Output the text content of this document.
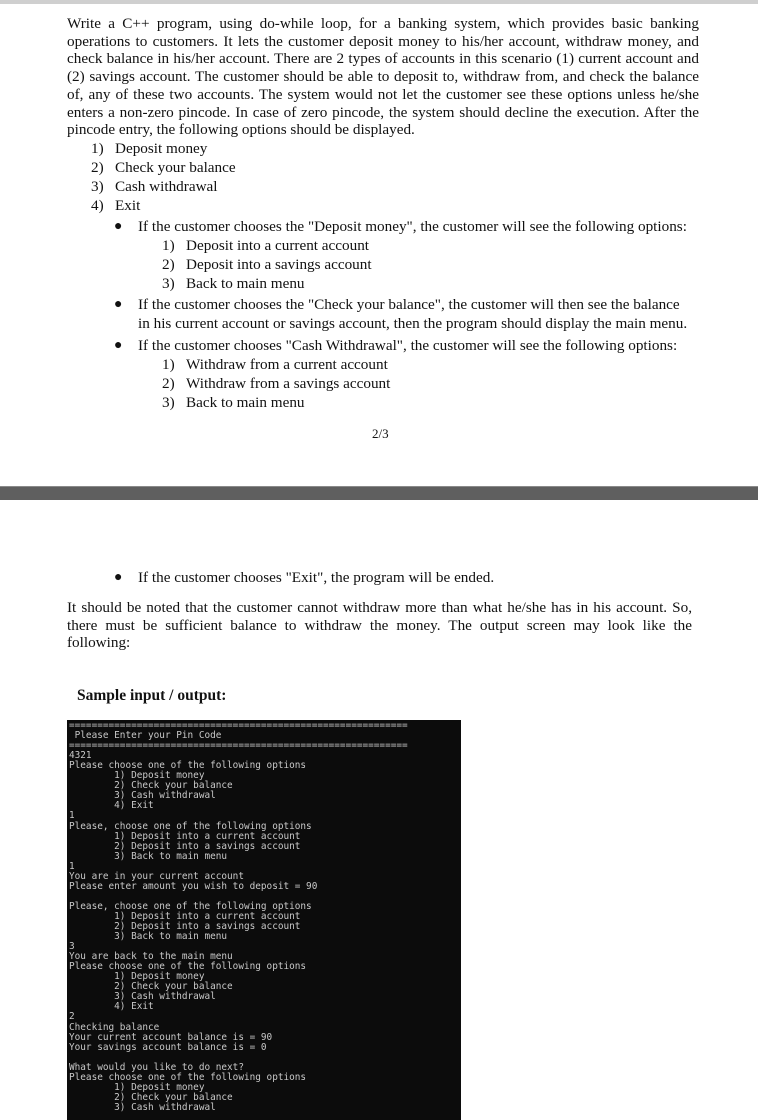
Write a C++ program, using do-while loop, for a banking system, which provides basic banking operations to customers. It lets the customer deposit money to his/her account, withdraw money, and check balance in his/her account. There are 2 types of accounts in this scenario (1) current account and (2) savings account. The customer should be able to deposit to, withdraw from, and check the balance of, any of these two accounts. The system would not let the customer see these options unless he/she enters a non-zero pincode. In case of zero pincode, the system should decline the execution. After the pincode entry, the following options should be displayed.

1) Deposit money
2) Check your balance
3) Cash withdrawal
4) Exit
● If the customer chooses the "Deposit money", the customer will see the following options:
1) Deposit into a current account
2) Deposit into a savings account
3) Back to main menu
● If the customer chooses the "Check your balance", the customer will then see the balance
in his current account or savings account, then the program should display the main menu.
● If the customer chooses "Cash Withdrawal", the customer will see the following options:
1) Withdraw from a current account
2) Withdraw from a savings account
3) Back to main menu
2/3
● If the customer chooses "Exit", the program will be ended.

It should be noted that the customer cannot withdraw more than what he/she has in his account. So, there must be sufficient balance to withdraw the money. The output screen may look like the following:

Sample input / output:
============================================================
Please Enter your Pin Code
============================================================
4321
Please choose one of the following options
1) Deposit money
2) Check your balance
3) Cash withdrawal
4) Exit
1
Please, choose one of the following options
1) Deposit into a current account
2) Deposit into a savings account
3) Back to main menu
1
You are in your current account
Please enter amount you wish to deposit = 90
Please, choose one of the following options
1) Deposit into a current account
2) Deposit into a savings account
3) Back to main menu
3
You are back to the main menu
Please choose one of the following options
1) Deposit money
2) Check your balance
3) Cash withdrawal
4) Exit
2
Checking balance
Your current account balance is = 90
Your savings account balance is = 0
What would you like to do next?
Please choose one of the following options
1) Deposit money
2) Check your balance
3) Cash withdrawal
